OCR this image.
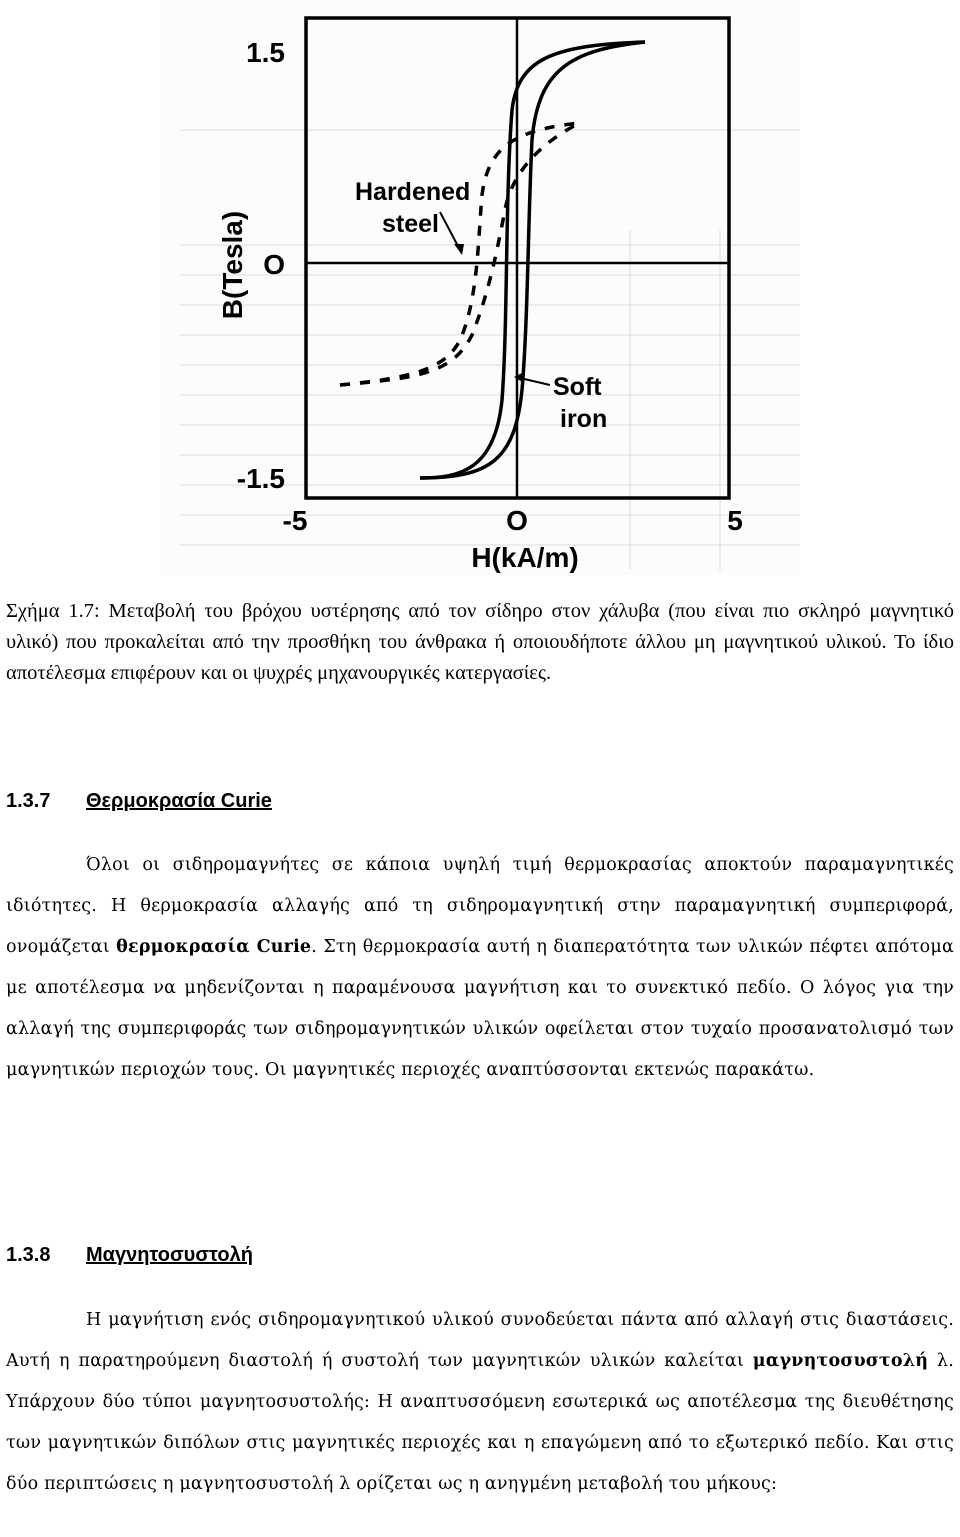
1.5
O
-1.5
-5	O	5
B(Tesla)
H(kA/m)
Hardened
steel
Soft
iron

Σχήμα 1.7: Μεταβολή του βρόχου υστέρησης από τον σίδηρο στον χάλυβα (που είναι πιο σκληρό μαγνητικό υλικό) που προκαλείται από την προσθήκη του άνθρακα ή οποιουδήποτε άλλου μη μαγνητικού υλικού. Το ίδιο αποτέλεσμα επιφέρουν και οι ψυχρές μηχανουργικές κατεργασίες.

1.3.7 Θερμοκρασία Curie

Όλοι οι σιδηρομαγνήτες σε κάποια υψηλή τιμή θερμοκρασίας αποκτούν παραμαγνητικές ιδιότητες. Η θερμοκρασία αλλαγής από τη σιδηρομαγνητική στην παραμαγνητική συμπεριφορά, ονομάζεται θερμοκρασία Curie. Στη θερμοκρασία αυτή η διαπερατότητα των υλικών πέφτει απότομα με αποτέλεσμα να μηδενίζονται η παραμένουσα μαγνήτιση και το συνεκτικό πεδίο. Ο λόγος για την αλλαγή της συμπεριφοράς των σιδηρομαγνητικών υλικών οφείλεται στον τυχαίο προσανατολισμό των μαγνητικών περιοχών τους. Οι μαγνητικές περιοχές αναπτύσσονται εκτενώς παρακάτω.

1.3.8 Μαγνητοσυστολή

Η μαγνήτιση ενός σιδηρομαγνητικού υλικού συνοδεύεται πάντα από αλλαγή στις διαστάσεις. Αυτή η παρατηρούμενη διαστολή ή συστολή των μαγνητικών υλικών καλείται μαγνητοσυστολή λ. Υπάρχουν δύο τύποι μαγνητοσυστολής: Η αναπτυσσόμενη εσωτερικά ως αποτέλεσμα της διευθέτησης των μαγνητικών διπόλων στις μαγνητικές περιοχές και η επαγώμενη από το εξωτερικό πεδίο. Και στις δύο περιπτώσεις η μαγνητοσυστολή λ ορίζεται ως η ανηγμένη μεταβολή του μήκους:
